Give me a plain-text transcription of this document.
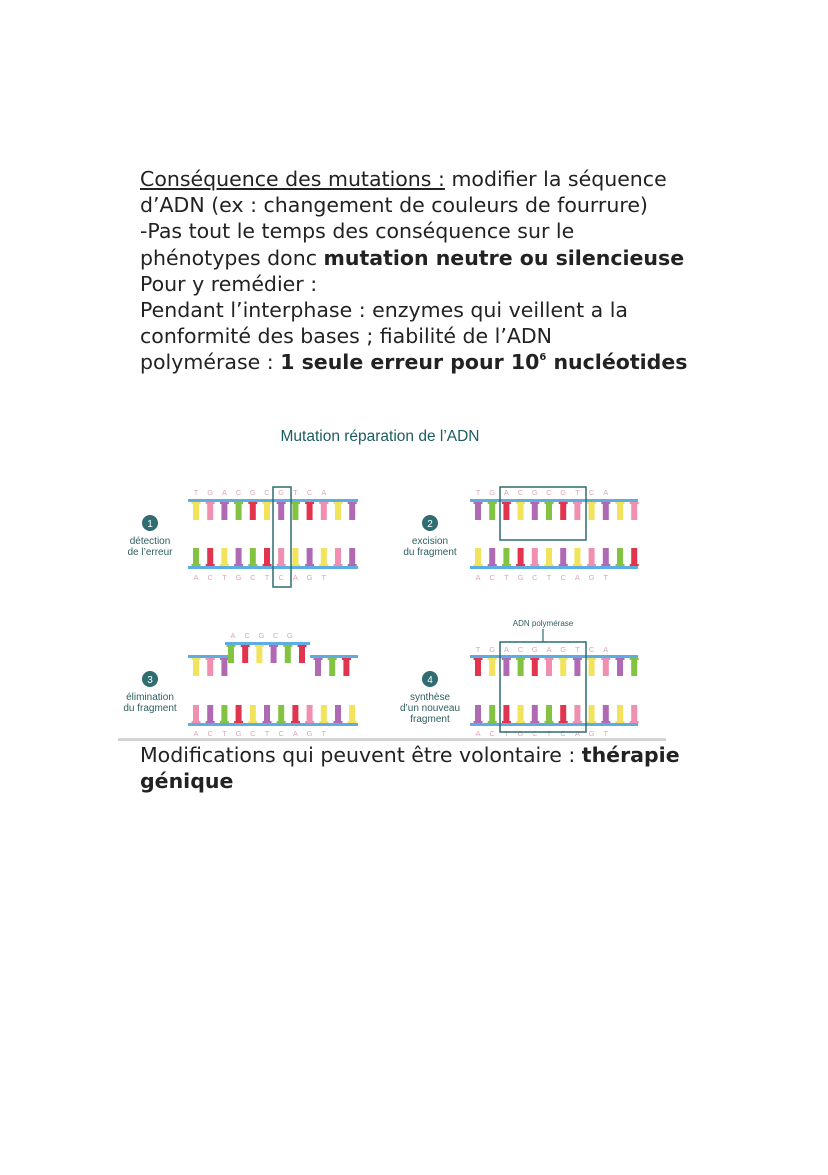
Conséquence des mutations : modifier la séquence

d’ADN (ex : changement de couleurs de fourrure)

-Pas tout le temps des conséquence sur le

phénotypes donc mutation neutre ou silencieuse

Pour y remédier :

Pendant l’interphase : enzymes qui veillent a la

conformité des bases ; fiabilité de l’ADN

polymérase : 1 seule erreur pour $10^6$ nucléotides

Mutation réparation de l’ADN
T G A C G C G T C A
A C T G C T C A G T
1
détection
de l’erreur
T G A C G C G T C A
A C T G C T C A G T
2
excision
du fragment
A C G C G
A C T G C T C A G T
3
élimination
du fragment
T G A C G A G T C A
A C T G C T C A G T
ADN polymérase
4
synthèse
d’un nouveau
fragment

Modifications qui peuvent être volontaire : thérapie génique
